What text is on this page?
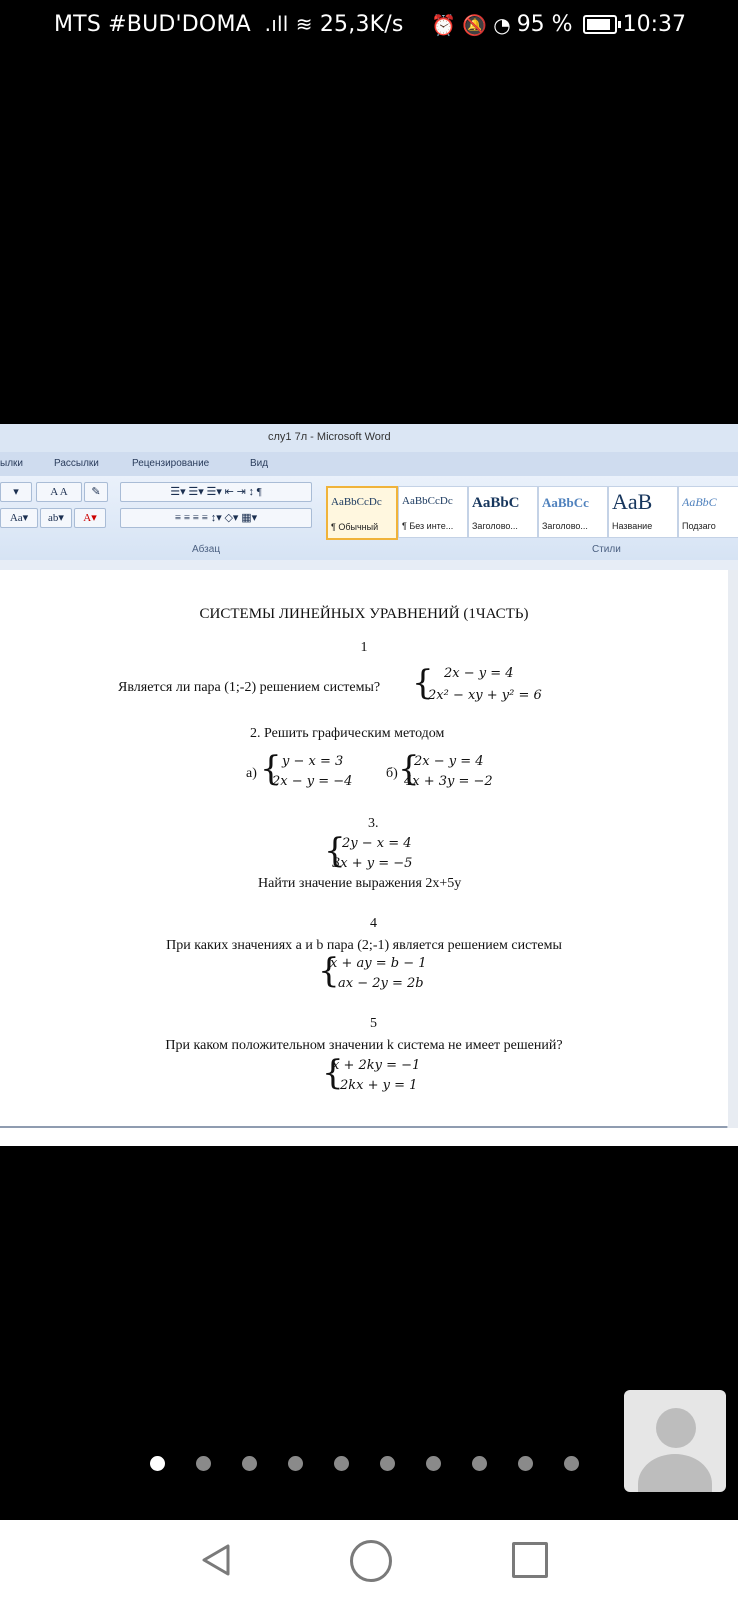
MTS #BUD'DOMA  .ıll ≋ 25,3K/s ⏰ 🔕 ◔ 95 % 10:37
слу1 7л - Microsoft Word
ылки	Рассылки	Рецензирование	Вид
▾	A A	✎
Aa▾	ab▾	A▾
☰▾ ☰▾ ☰▾ ⇤ ⇥ ↕ ¶
≡ ≡ ≡ ≡ ↕▾ ◇▾ ▦▾

Абзац	Стили
AaBbCcDc
¶ Обычный
AaBbCcDc
¶ Без инте...
AaBbC
Заголово...
AaBbCc
Заголово...
AaB
Название
AaBbC
Подзаго
СИСТЕМЫ ЛИНЕЙНЫХ УРАВНЕНИЙ (1ЧАСТЬ)
1
Является ли пара (1;-2) решением системы? { 2x − y = 4
2x² − xy + y² = 6
2. Решить графическим методом
а) { y − x = 3
2x − y = −4
б) {
2x − y = 4
4x + 3y = −2
3.
{
2y − x = 4
3x + y = −5
Найти значение выражения 2x+5y
4
При каких значениях a и b пара (2;-1) является решением системы
{
x + ay = b − 1
ax − 2y = 2b
5
При каком положительном значении k система не имеет решений?
{
x + 2ky = −1
2kx + y = 1
